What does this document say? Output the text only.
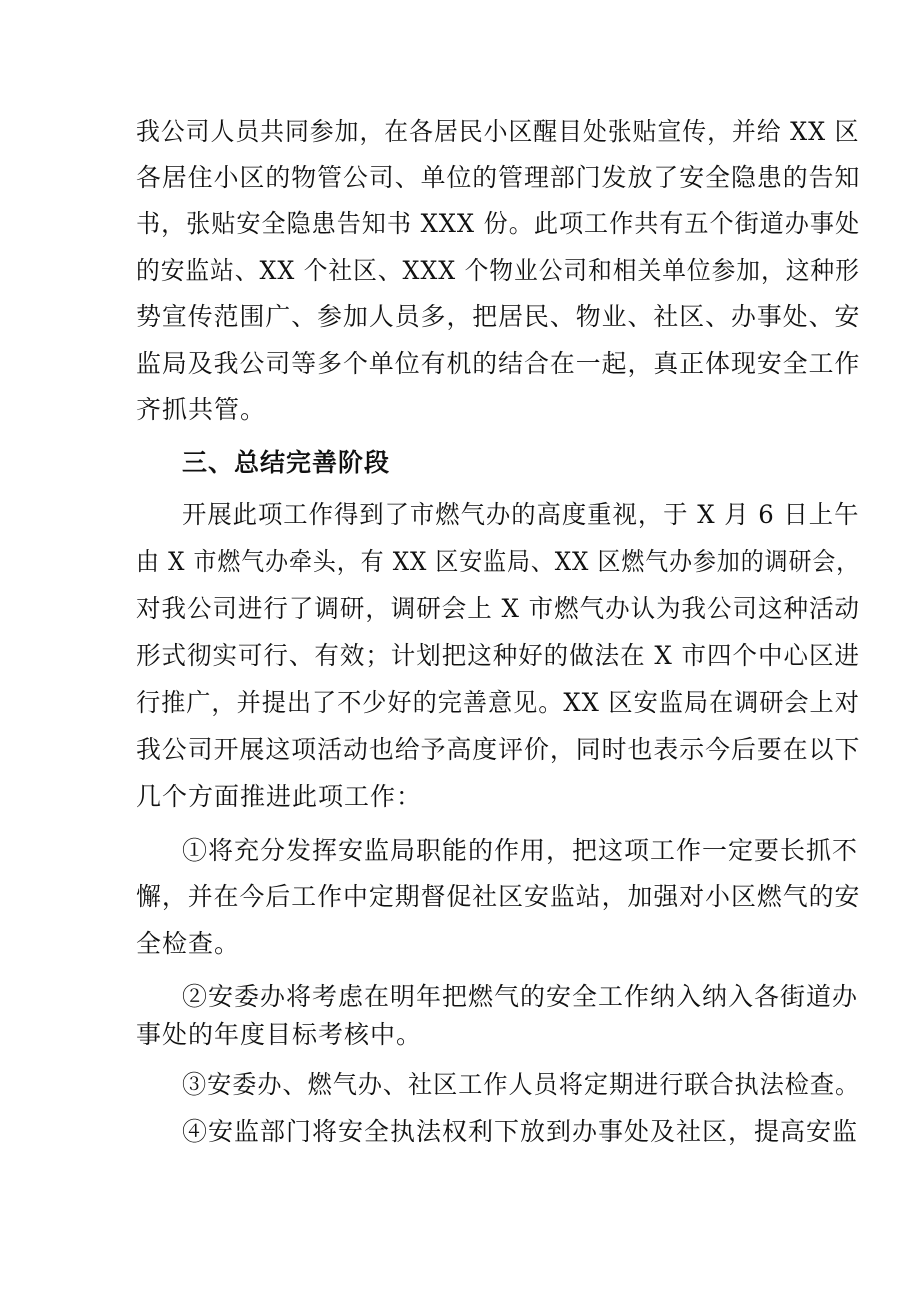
我公司人员共同参加，在各居民小区醒目处张贴宣传，并给 XX 区
各居住小区的物管公司、单位的管理部门发放了安全隐患的告知
书，张贴安全隐患告知书 XXX 份。此项工作共有五个街道办事处
的安监站、XX 个社区、XXX 个物业公司和相关单位参加，这种形
势宣传范围广、参加人员多，把居民、物业、社区、办事处、安
监局及我公司等多个单位有机的结合在一起，真正体现安全工作
齐抓共管。
三、总结完善阶段
开展此项工作得到了市燃气办的高度重视，于 X 月 6 日上午
由 X 市燃气办牵头，有 XX 区安监局、XX 区燃气办参加的调研会，
对我公司进行了调研，调研会上 X 市燃气办认为我公司这种活动
形式彻实可行、有效；计划把这种好的做法在 X 市四个中心区进
行推广，并提出了不少好的完善意见。XX 区安监局在调研会上对
我公司开展这项活动也给予高度评价，同时也表示今后要在以下
几个方面推进此项工作：
①将充分发挥安监局职能的作用，把这项工作一定要长抓不
懈，并在今后工作中定期督促社区安监站，加强对小区燃气的安
全检查。
②安委办将考虑在明年把燃气的安全工作纳入纳入各街道办
事处的年度目标考核中。
③安委办、燃气办、社区工作人员将定期进行联合执法检查。
④安监部门将安全执法权利下放到办事处及社区，提高安监
